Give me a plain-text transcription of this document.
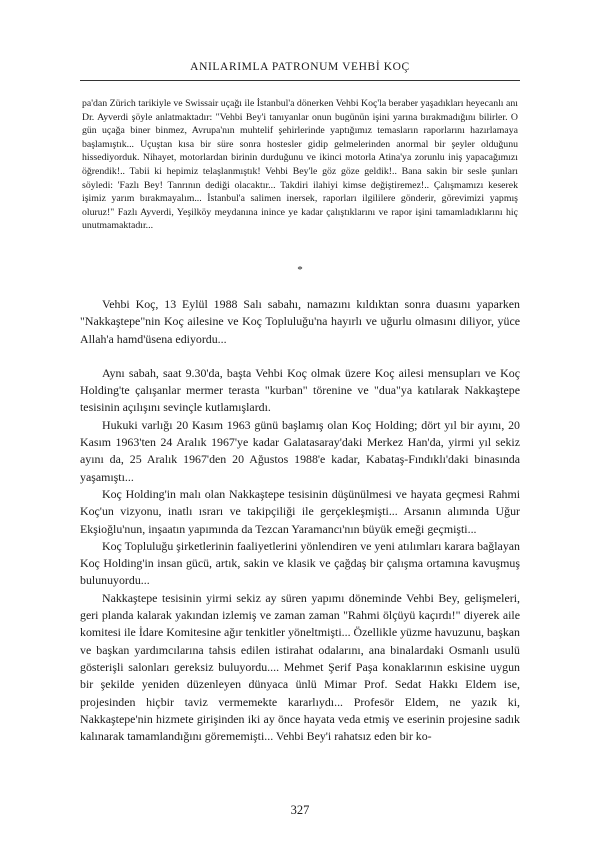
ANILARIMLA PATRONUM VEHBİ KOÇ

pa'dan Zürich tarikiyle ve Swissair uçağı ile İstanbul'a dönerken Vehbi Koç'la beraber yaşadıkları heyecanlı anı Dr. Ayverdi şöyle anlatmaktadır: "Vehbi Bey'i tanıyanlar onun bugünün işini yarına bırakmadığını bilirler. O gün uçağa biner binmez, Avrupa'nın muhtelif şehirlerinde yaptığımız temasların raporlarını hazırlamaya başlamıştık... Uçuştan kısa bir süre sonra hostesler gidip gelmelerinden anormal bir şeyler olduğunu hissediyorduk. Nihayet, motorlardan birinin durduğunu ve ikinci motorla Atina'ya zorunlu iniş yapacağımızı öğrendik!.. Tabii ki hepimiz telaşlanmıştık! Vehbi Bey'le göz göze geldik!.. Bana sakin bir sesle şunları söyledi: 'Fazlı Bey! Tanrının dediği olacaktır... Takdiri ilahiyi kimse değiştiremez!.. Çalışmamızı keserek işimiz yarım bırakmayalım... İstanbul'a salimen inersek, raporları ilgililere gönderir, görevimizi yapmış oluruz!" Fazlı Ayverdi, Yeşilköy meydanına inince ye kadar çalıştıklarını ve rapor işini tamamladıklarını hiç unutmamaktadır...

*

Vehbi Koç, 13 Eylül 1988 Salı sabahı, namazını kıldıktan sonra duasını yaparken "Nakkaştepe"nin Koç ailesine ve Koç Topluluğu'na hayırlı ve uğurlu olmasını diliyor, yüce Allah'a hamd'üsena ediyordu...

Aynı sabah, saat 9.30'da, başta Vehbi Koç olmak üzere Koç ailesi mensupları ve Koç Holding'te çalışanlar mermer terasta "kurban" törenine ve "dua"ya katılarak Nakkaştepe tesisinin açılışını sevinçle kutlamışlardı.

Hukuki varlığı 20 Kasım 1963 günü başlamış olan Koç Holding; dört yıl bir ayını, 20 Kasım 1963'ten 24 Aralık 1967'ye kadar Galatasaray'daki Merkez Han'da, yirmi yıl sekiz ayını da, 25 Aralık 1967'den 20 Ağustos 1988'e kadar, Kabataş-Fındıklı'daki binasında yaşamıştı...

Koç Holding'in malı olan Nakkaştepe tesisinin düşünülmesi ve hayata geçmesi Rahmi Koç'un vizyonu, inatlı ısrarı ve takipçiliği ile gerçekleşmişti... Arsanın alımında Uğur Ekşioğlu'nun, inşaatın yapımında da Tezcan Yaramancı'nın büyük emeği geçmişti...

Koç Topluluğu şirketlerinin faaliyetlerini yönlendiren ve yeni atılımları karara bağlayan Koç Holding'in insan gücü, artık, sakin ve klasik ve çağdaş bir çalışma ortamına kavuşmuş bulunuyordu...

Nakkaştepe tesisinin yirmi sekiz ay süren yapımı döneminde Vehbi Bey, gelişmeleri, geri planda kalarak yakından izlemiş ve zaman zaman "Rahmi ölçüyü kaçırdı!" diyerek aile komitesi ile İdare Komitesine ağır tenkitler yöneltmişti... Özellikle yüzme havuzunu, başkan ve başkan yardımcılarına tahsis edilen istirahat odalarını, ana binalardaki Osmanlı usulü gösterişli salonları gereksiz buluyordu.... Mehmet Şerif Paşa konaklarının eskisine uygun bir şekilde yeniden düzenleyen dünyaca ünlü Mimar Prof. Sedat Hakkı Eldem ise, projesinden hiçbir taviz vermemekte kararlıydı... Profesör Eldem, ne yazık ki, Nakkaştepe'nin hizmete girişinden iki ay önce hayata veda etmiş ve eserinin projesine sadık kalınarak tamamlandığını görememişti... Vehbi Bey'i rahatsız eden bir ko-

327
